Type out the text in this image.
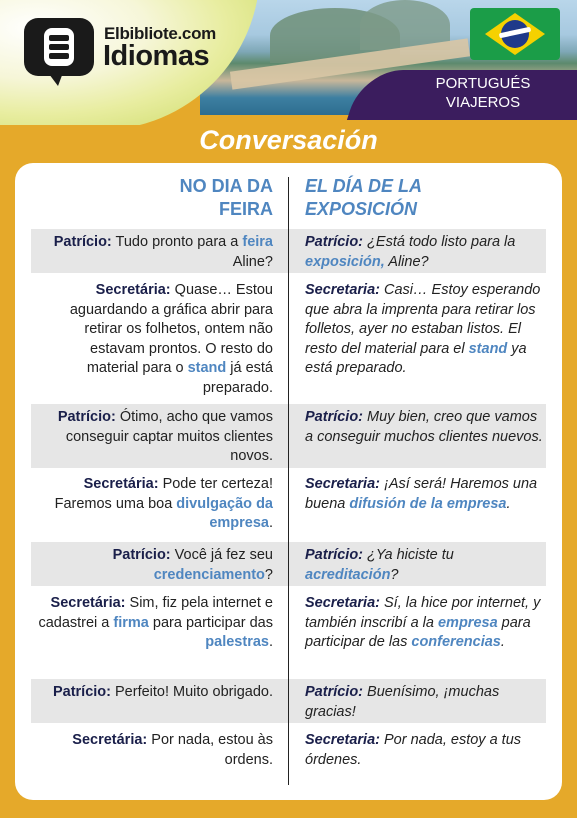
Elbibliote.com
Idiomas
PORTUGUÉS
VIAJEROS
Conversación
NO DIA DA
FEIRA
EL DÍA DE LA
EXPOSICIÓN
Patrício: Tudo pronto para a feira Aline?
Patrício: ¿Está todo listo para la exposición, Aline?
Secretária: Quase… Estou aguardando a gráfica abrir para retirar os folhetos, ontem não estavam prontos. O resto do material para o stand já está preparado.
Secretaria: Casi… Estoy esperando que abra la imprenta para retirar los folletos, ayer no estaban listos. El resto del material para el stand ya está preparado.
Patrício: Ótimo, acho que vamos conseguir captar muitos clientes novos.
Patrício: Muy bien, creo que vamos a conseguir muchos clientes nuevos.
Secretária: Pode ter certeza! Faremos uma boa divulgação da empresa.
Secretaria: ¡Así será! Haremos una buena difusión de la empresa.
Patrício: Você já fez seu credenciamento?
Patrício: ¿Ya hiciste tu acreditación?
Secretária: Sim, fiz pela internet e cadastrei a firma para participar das palestras.
Secretaria: Sí, la hice por internet, y también inscribí a la empresa para participar de las conferencias.
Patrício: Perfeito! Muito obrigado. Patrício: Buenísimo, ¡muchas gracias!
Secretária: Por nada, estou às ordens.
Secretaria: Por nada, estoy a tus órdenes.
